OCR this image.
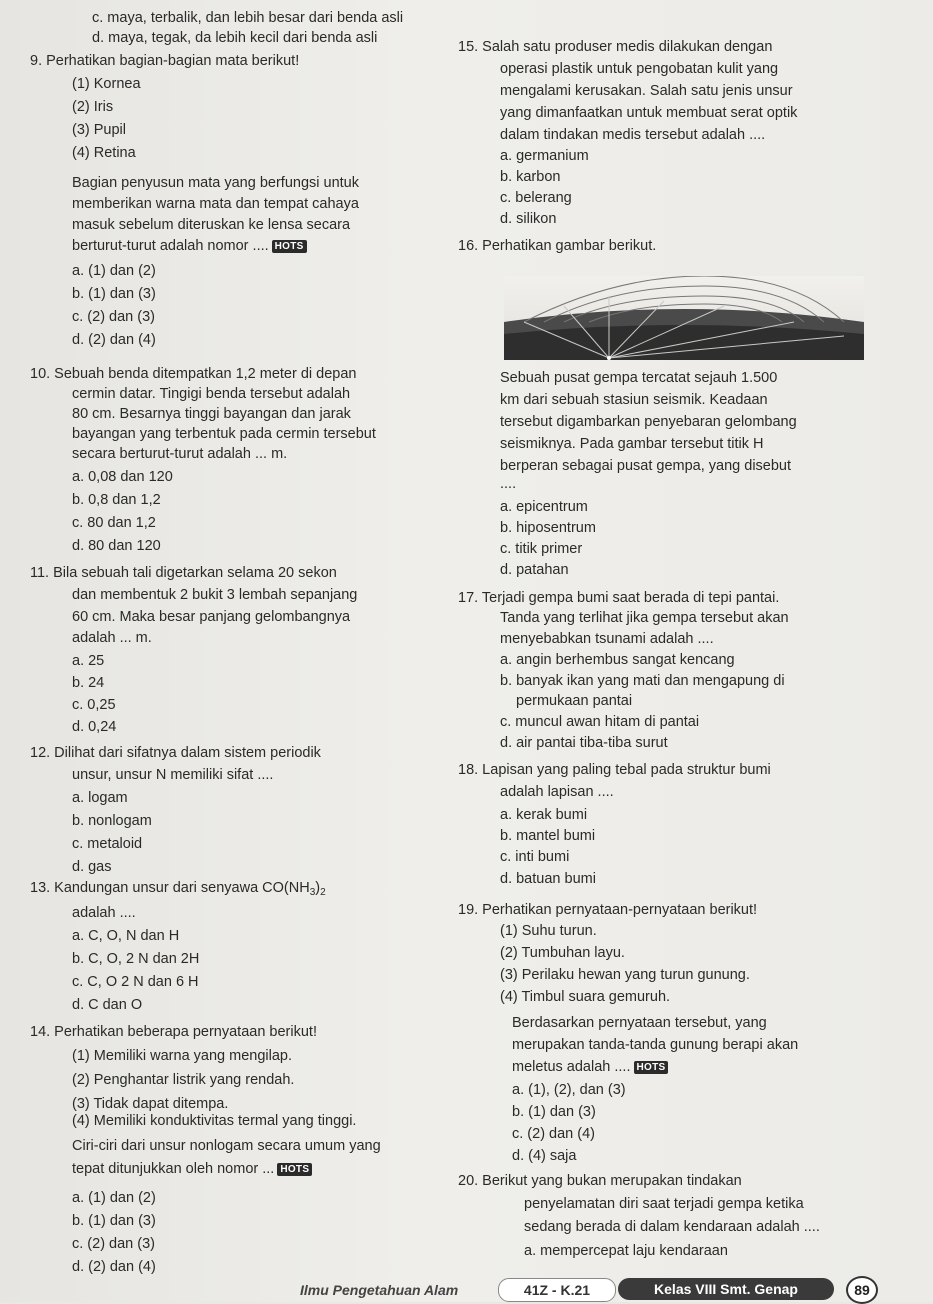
c. maya, terbalik, dan lebih besar dari benda asli
d. maya, tegak, da lebih kecil dari benda asli
9. Perhatikan bagian-bagian mata berikut!
(1) Kornea
(2) Iris
(3) Pupil
(4) Retina
Bagian penyusun mata yang berfungsi untuk
memberikan warna mata dan tempat cahaya
masuk sebelum diteruskan ke lensa secara
berturut-turut adalah nomor .... HOTS
a. (1) dan (2)
b. (1) dan (3)
c. (2) dan (3)
d. (2) dan (4)
10. Sebuah benda ditempatkan 1,2 meter di depan
cermin datar. Tingigi benda tersebut adalah
80 cm. Besarnya tinggi bayangan dan jarak
bayangan yang terbentuk pada cermin tersebut
secara berturut-turut adalah ... m.
a. 0,08 dan 120
b. 0,8 dan 1,2
c. 80 dan 1,2
d. 80 dan 120
11. Bila sebuah tali digetarkan selama 20 sekon
dan membentuk 2 bukit 3 lembah sepanjang
60 cm. Maka besar panjang gelombangnya
adalah ... m.
a. 25
b. 24
c. 0,25
d. 0,24
12. Dilihat dari sifatnya dalam sistem periodik
unsur, unsur N memiliki sifat ....
a. logam
b. nonlogam
c. metaloid
d. gas
13. Kandungan unsur dari senyawa $CO(NH_3)_2$
adalah ....
a. C, O, N dan H
b. C, O, 2 N dan 2H
c. C, O 2 N dan 6 H
d. C dan O
14. Perhatikan beberapa pernyataan berikut!
(1) Memiliki warna yang mengilap.
(2) Penghantar listrik yang rendah.
(3) Tidak dapat ditempa.
(4) Memiliki konduktivitas termal yang tinggi.
Ciri-ciri dari unsur nonlogam secara umum yang
tepat ditunjukkan oleh nomor ... HOTS
a. (1) dan (2)
b. (1) dan (3)
c. (2) dan (3)
d. (2) dan (4)
15. Salah satu produser medis dilakukan dengan
operasi plastik untuk pengobatan kulit yang
mengalami kerusakan. Salah satu jenis unsur
yang dimanfaatkan untuk membuat serat optik
dalam tindakan medis tersebut adalah ....
a. germanium
b. karbon
c. belerang
d. silikon
16. Perhatikan gambar berikut.
Sebuah pusat gempa tercatat sejauh 1.500
km dari sebuah stasiun seismik. Keadaan
tersebut digambarkan penyebaran gelombang
seismiknya. Pada gambar tersebut titik H
berperan sebagai pusat gempa, yang disebut
....
a. epicentrum
b. hiposentrum
c. titik primer
d. patahan
17. Terjadi gempa bumi saat berada di tepi pantai.
Tanda yang terlihat jika gempa tersebut akan
menyebabkan tsunami adalah ....
a. angin berhembus sangat kencang
b. banyak ikan yang mati dan mengapung di
permukaan pantai
c. muncul awan hitam di pantai
d. air pantai tiba-tiba surut
18. Lapisan yang paling tebal pada struktur bumi
adalah lapisan ....
a. kerak bumi
b. mantel bumi
c. inti bumi
d. batuan bumi
19. Perhatikan pernyataan-pernyataan berikut!
(1) Suhu turun.
(2) Tumbuhan layu.
(3) Perilaku hewan yang turun gunung.
(4) Timbul suara gemuruh.
Berdasarkan pernyataan tersebut, yang
merupakan tanda-tanda gunung berapi akan
meletus adalah .... HOTS
a. (1), (2), dan (3)
b. (1) dan (3)
c. (2) dan (4)
d. (4) saja
20. Berikut yang bukan merupakan tindakan
penyelamatan diri saat terjadi gempa ketika
sedang berada di dalam kendaraan adalah ....
a. mempercepat laju kendaraan
Ilmu Pengetahuan Alam	41Z - K.21	Kelas VIII Smt. Genap	89
